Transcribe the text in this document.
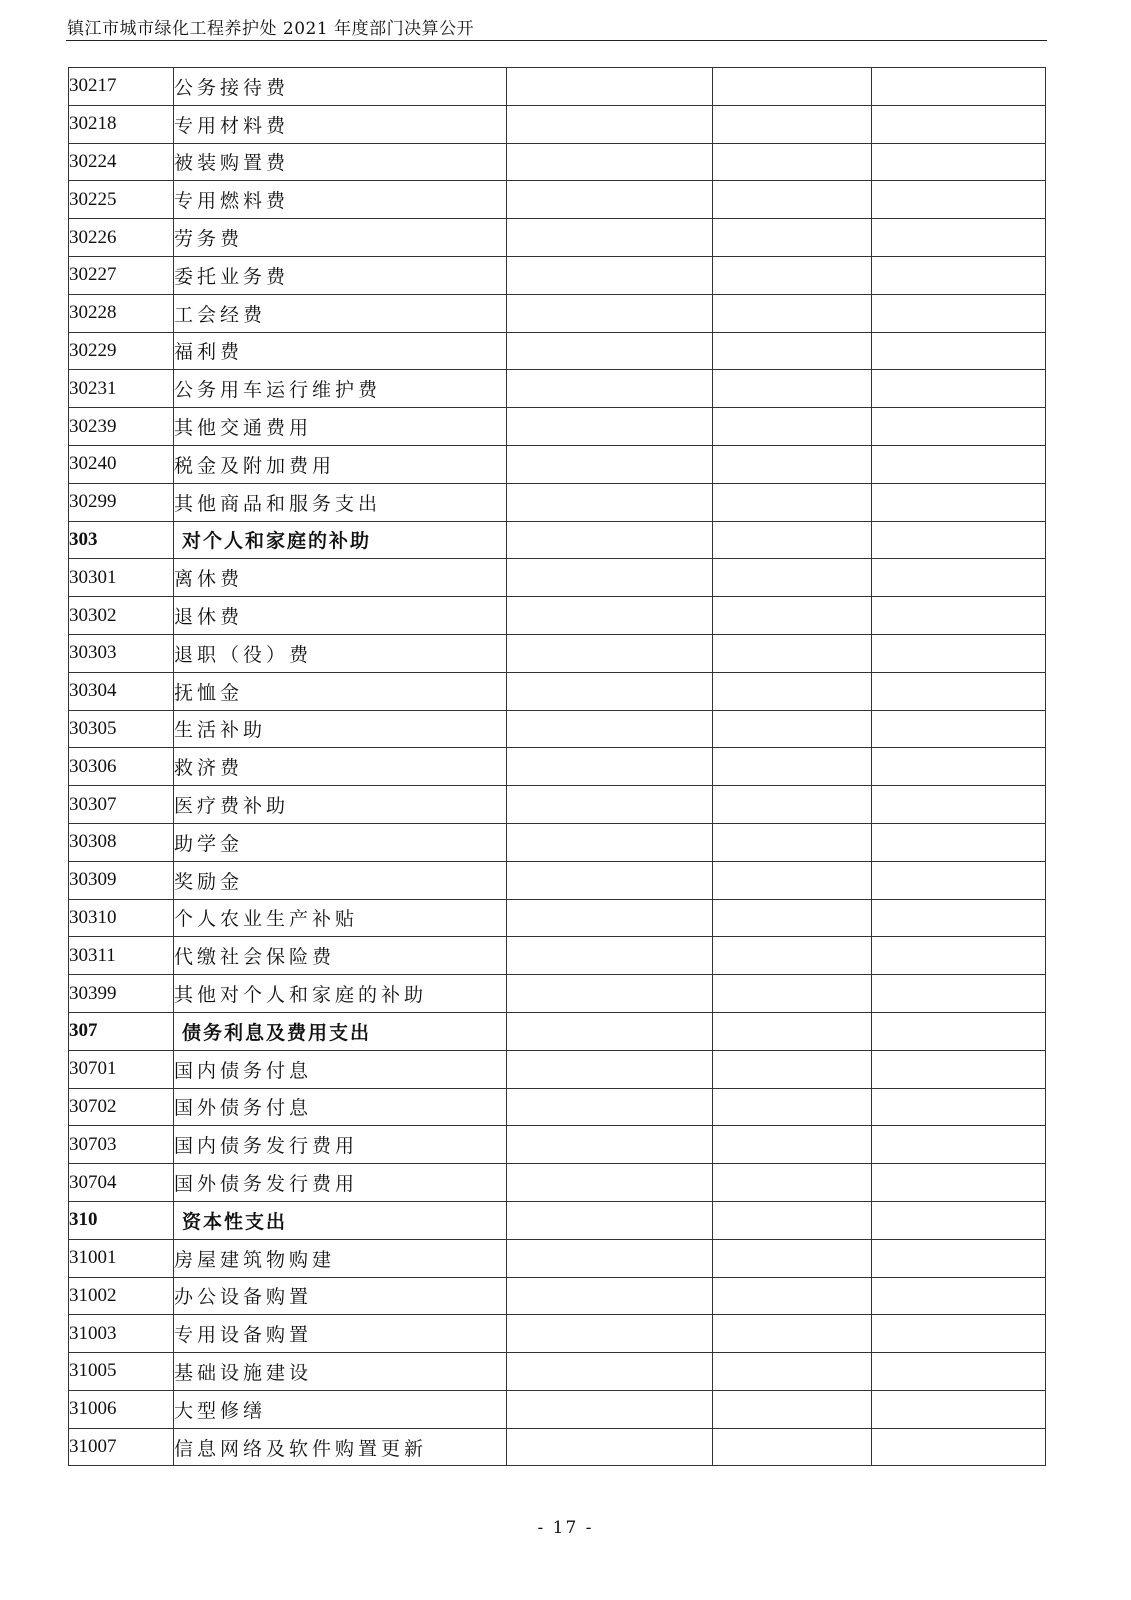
镇江市城市绿化工程养护处 2021 年度部门决算公开
30217	公务接待费			
30218	专用材料费			
30224	被装购置费			
30225	专用燃料费			
30226	劳务费			
30227	委托业务费			
30228	工会经费			
30229	福利费			
30231	公务用车运行维护费			
30239	其他交通费用			
30240	税金及附加费用			
30299	其他商品和服务支出			
303	对个人和家庭的补助			
30301	离休费			
30302	退休费			
30303	退职（役）费			
30304	抚恤金			
30305	生活补助			
30306	救济费			
30307	医疗费补助			
30308	助学金			
30309	奖励金			
30310	个人农业生产补贴			
30311	代缴社会保险费			
30399	其他对个人和家庭的补助			
307	债务利息及费用支出			
30701	国内债务付息			
30702	国外债务付息			
30703	国内债务发行费用			
30704	国外债务发行费用			
310	资本性支出			
31001	房屋建筑物购建			
31002	办公设备购置			
31003	专用设备购置			
31005	基础设施建设			
31006	大型修缮			
31007	信息网络及软件购置更新			
- 17 -
